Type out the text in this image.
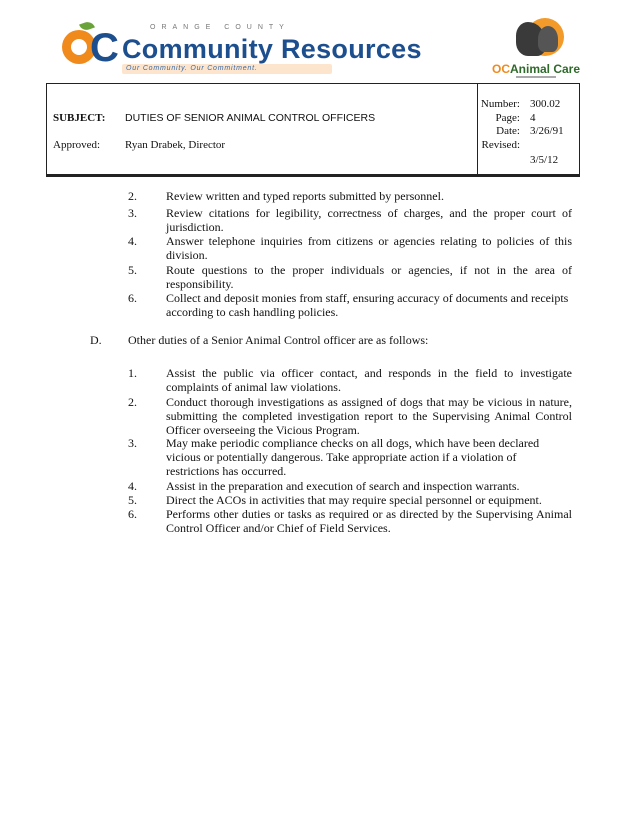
C	ORANGE COUNTY
Community Resources
Our Community. Our Commitment.	OCAnimal Care
SUBJECT: DUTIES OF SENIOR ANIMAL CONTROL OFFICERS
Approved: Ryan Drabek, Director
Number: 300.02
Page: 4
Date: 3/26/91
Revised:
3/5/12
2. Review written and typed reports submitted by personnel.
3. Review citations for legibility, correctness of charges, and the proper court of jurisdiction.
4. Answer telephone inquiries from citizens or agencies relating to policies of this division.
5. Route questions to the proper individuals or agencies, if not in the area of responsibility.
6. Collect and deposit monies from staff, ensuring accuracy of documents and receipts according to cash handling policies.
D. Other duties of a Senior Animal Control officer are as follows:
1. Assist the public via officer contact, and responds in the field to investigate complaints of animal law violations.
2. Conduct thorough investigations as assigned of dogs that may be vicious in nature, submitting the completed investigation report to the Supervising Animal Control Officer overseeing the Vicious Program.
3. May make periodic compliance checks on all dogs, which have been declared vicious or potentially dangerous. Take appropriate action if a violation of restrictions has occurred.
4. Assist in the preparation and execution of search and inspection warrants.
5. Direct the ACOs in activities that may require special personnel or equipment.
6. Performs other duties or tasks as required or as directed by the Supervising Animal Control Officer and/or Chief of Field Services.
